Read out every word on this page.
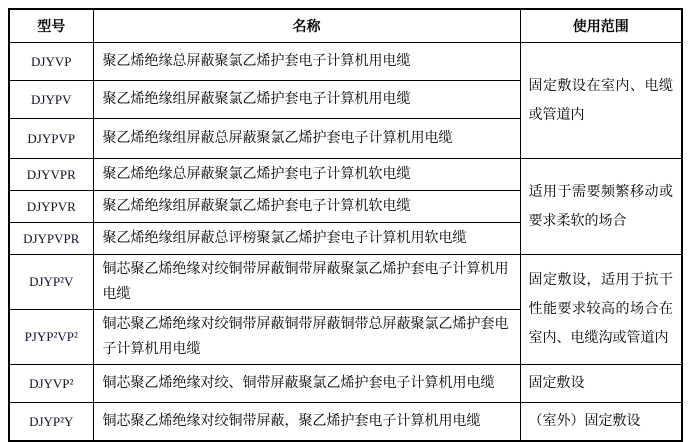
型号	名称	使用范围
DJYVP	聚乙烯绝缘总屏蔽聚氯乙烯护套电子计算机用电缆	固定敷设在室内、电缆或管道内
DJYPV	聚乙烯绝缘组屏蔽聚氯乙烯护套电子计算机用电缆	
DJYPVP	聚乙烯绝缘组屏蔽总屏蔽聚氯乙烯护套电子计算机用电缆	
DJYVPR	聚乙烯绝缘总屏蔽聚氯乙烯护套电子计算机软电缆	适用于需要频繁移动或要求柔软的场合
DJYPVR	聚乙烯绝缘组屏蔽聚氯乙烯护套电子计算机软电缆	
DJYPVPR	聚乙烯绝缘组屏蔽总评榜聚氯乙烯护套电子计算机用软电缆	
DJYP²V	铜芯聚乙烯绝缘对绞铜带屏蔽铜带屏蔽聚氯乙烯护套电子计算机用电缆	固定敷设，适用于抗干性能要求较高的场合在室内、电缆沟或管道内
PJYP²VP²	铜芯聚乙烯绝缘对绞铜带屏蔽铜带屏蔽铜带总屏蔽聚氯乙烯护套电子计算机用电缆	
DJYVP²	铜芯聚乙烯绝缘对绞、铜带屏蔽聚氯乙烯护套电子计算机用电缆	固定敷设
DJYP²Y	铜芯聚乙烯绝缘对绞铜带屏蔽，聚乙烯护套电子计算机用电缆	（室外）固定敷设
